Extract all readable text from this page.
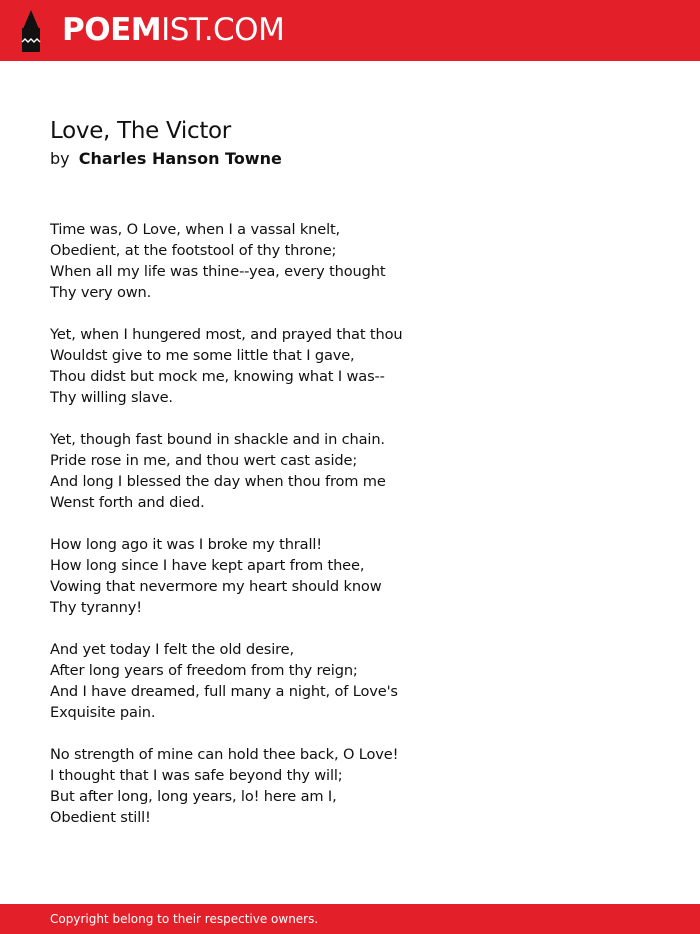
POEMIST.COM
Love, The Victor
by Charles Hanson Towne
Time was, O Love, when I a vassal knelt,
Obedient, at the footstool of thy throne;
When all my life was thine--yea, every thought
Thy very own.
Yet, when I hungered most, and prayed that thou
Wouldst give to me some little that I gave,
Thou didst but mock me, knowing what I was--
Thy willing slave.
Yet, though fast bound in shackle and in chain.
Pride rose in me, and thou wert cast aside;
And long I blessed the day when thou from me
Wenst forth and died.
How long ago it was I broke my thrall!
How long since I have kept apart from thee,
Vowing that nevermore my heart should know
Thy tyranny!
And yet today I felt the old desire,
After long years of freedom from thy reign;
And I have dreamed, full many a night, of Love's
Exquisite pain.
No strength of mine can hold thee back, O Love!
I thought that I was safe beyond thy will;
But after long, long years, lo! here am I,
Obedient still!
Copyright belong to their respective owners.
